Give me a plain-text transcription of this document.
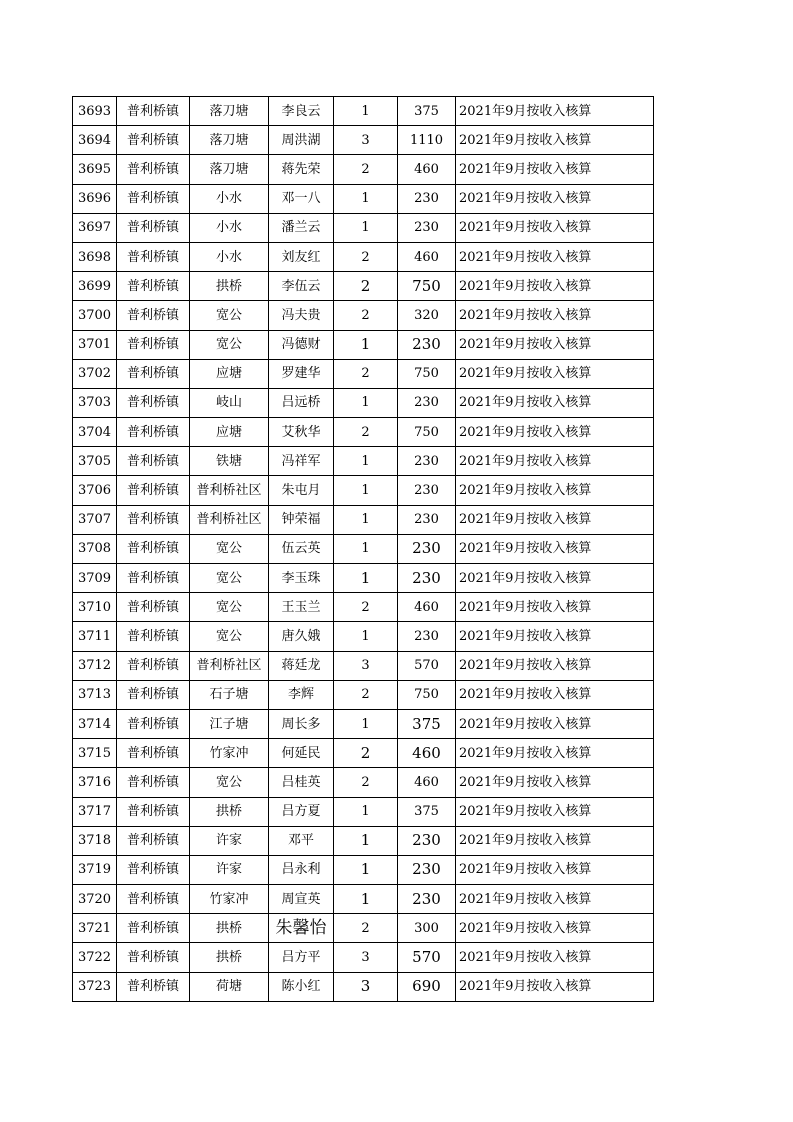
3693	普利桥镇	落刀塘	李良云	1	375	2021年9月按收入核算
3694	普利桥镇	落刀塘	周洪湖	3	1110	2021年9月按收入核算
3695	普利桥镇	落刀塘	蒋先荣	2	460	2021年9月按收入核算
3696	普利桥镇	小水	邓一八	1	230	2021年9月按收入核算
3697	普利桥镇	小水	潘兰云	1	230	2021年9月按收入核算
3698	普利桥镇	小水	刘友红	2	460	2021年9月按收入核算
3699	普利桥镇	拱桥	李伍云	2	750	2021年9月按收入核算
3700	普利桥镇	宽公	冯夫贵	2	320	2021年9月按收入核算
3701	普利桥镇	宽公	冯德财	1	230	2021年9月按收入核算
3702	普利桥镇	应塘	罗建华	2	750	2021年9月按收入核算
3703	普利桥镇	岐山	吕远桥	1	230	2021年9月按收入核算
3704	普利桥镇	应塘	艾秋华	2	750	2021年9月按收入核算
3705	普利桥镇	铁塘	冯祥军	1	230	2021年9月按收入核算
3706	普利桥镇	普利桥社区	朱屯月	1	230	2021年9月按收入核算
3707	普利桥镇	普利桥社区	钟荣福	1	230	2021年9月按收入核算
3708	普利桥镇	宽公	伍云英	1	230	2021年9月按收入核算
3709	普利桥镇	宽公	李玉珠	1	230	2021年9月按收入核算
3710	普利桥镇	宽公	王玉兰	2	460	2021年9月按收入核算
3711	普利桥镇	宽公	唐久娥	1	230	2021年9月按收入核算
3712	普利桥镇	普利桥社区	蒋廷龙	3	570	2021年9月按收入核算
3713	普利桥镇	石子塘	李辉	2	750	2021年9月按收入核算
3714	普利桥镇	江子塘	周长多	1	375	2021年9月按收入核算
3715	普利桥镇	竹家冲	何延民	2	460	2021年9月按收入核算
3716	普利桥镇	宽公	吕桂英	2	460	2021年9月按收入核算
3717	普利桥镇	拱桥	吕方夏	1	375	2021年9月按收入核算
3718	普利桥镇	许家	邓平	1	230	2021年9月按收入核算
3719	普利桥镇	许家	吕永利	1	230	2021年9月按收入核算
3720	普利桥镇	竹家冲	周宣英	1	230	2021年9月按收入核算
3721	普利桥镇	拱桥	朱馨怡	2	300	2021年9月按收入核算
3722	普利桥镇	拱桥	吕方平	3	570	2021年9月按收入核算
3723	普利桥镇	荷塘	陈小红	3	690	2021年9月按收入核算
